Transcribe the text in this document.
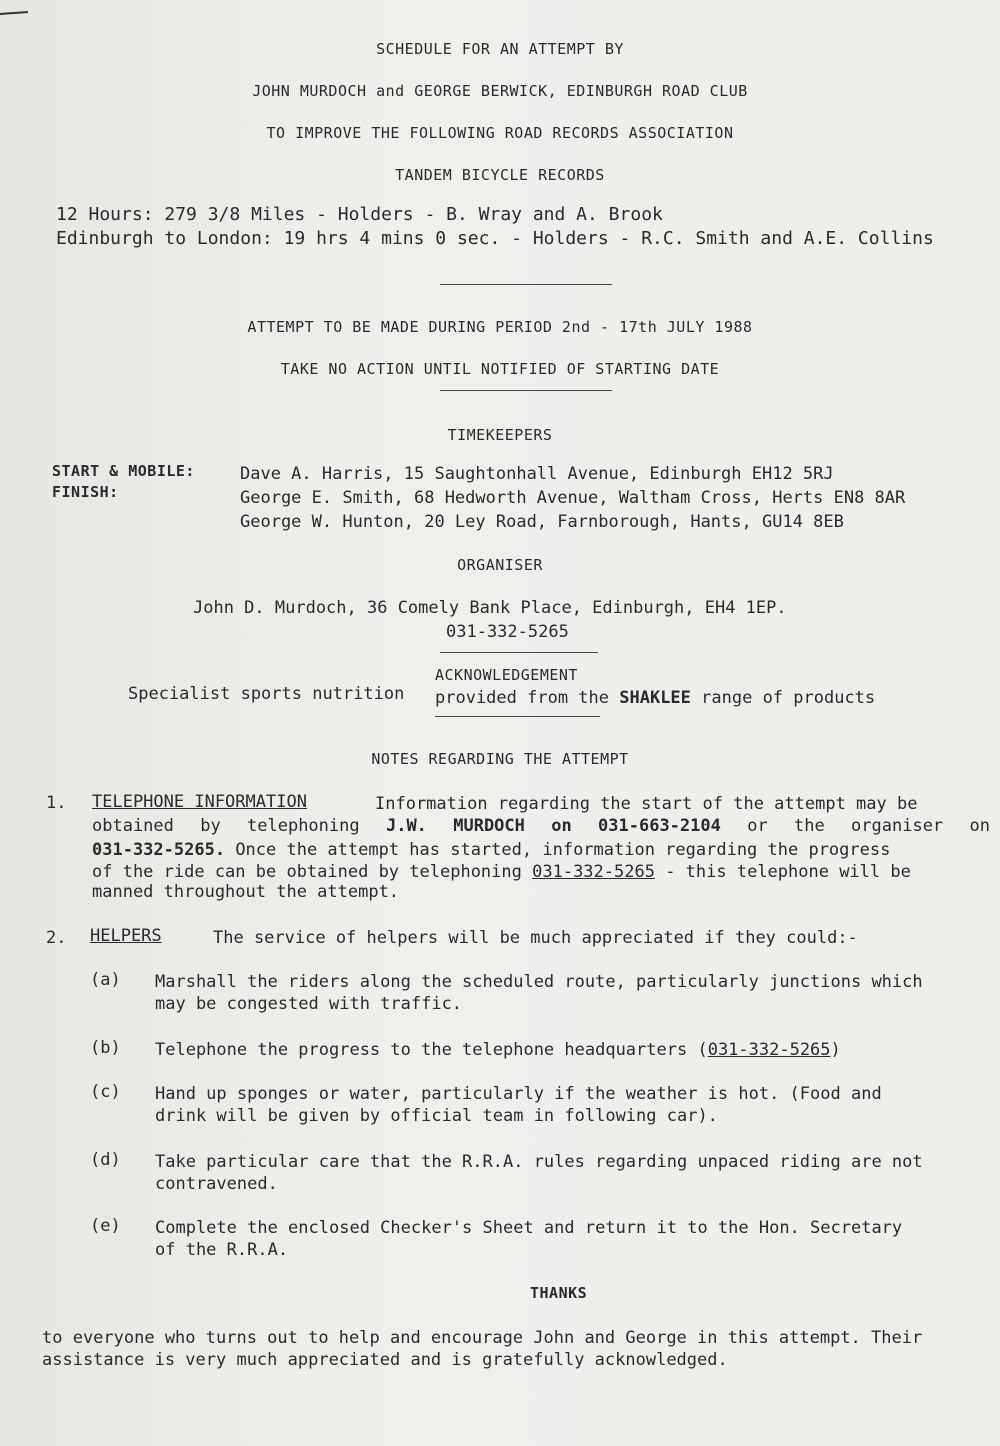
SCHEDULE FOR AN ATTEMPT BY
JOHN MURDOCH and GEORGE BERWICK, EDINBURGH ROAD CLUB
TO IMPROVE THE FOLLOWING ROAD RECORDS ASSOCIATION
TANDEM BICYCLE RECORDS
12 Hours: 279 3/8 Miles - Holders - B. Wray and A. Brook
Edinburgh to London: 19 hrs 4 mins 0 sec. - Holders - R.C. Smith and A.E. Collins
ATTEMPT TO BE MADE DURING PERIOD 2nd - 17th JULY 1988
TAKE NO ACTION UNTIL NOTIFIED OF STARTING DATE
TIMEKEEPERS
START & MOBILE:
FINISH:
Dave A. Harris, 15 Saughtonhall Avenue, Edinburgh EH12 5RJ
George E. Smith, 68 Hedworth Avenue, Waltham Cross, Herts EN8 8AR
George W. Hunton, 20 Ley Road, Farnborough, Hants, GU14 8EB
ORGANISER
John D. Murdoch, 36 Comely Bank Place, Edinburgh, EH4 1EP.
031-332-5265
ACKNOWLEDGEMENT
Specialist sports nutrition provided from the SHAKLEE range of products
NOTES REGARDING THE ATTEMPT
1. TELEPHONE INFORMATION	Information regarding the start of the attempt may be
obtained by telephoning J.W. MURDOCH on 031-663-2104 or the organiser on
031-332-5265. Once the attempt has started, information regarding the progress
of the ride can be obtained by telephoning 031-332-5265 - this telephone will be
manned throughout the attempt.
2. HELPERS	The service of helpers will be much appreciated if they could:-
(a) Marshall the riders along the scheduled route, particularly junctions which
may be congested with traffic.
(b) Telephone the progress to the telephone headquarters (031-332-5265)
(c) Hand up sponges or water, particularly if the weather is hot. (Food and
drink will be given by official team in following car).
(d) Take particular care that the R.R.A. rules regarding unpaced riding are not
contravened.
(e) Complete the enclosed Checker's Sheet and return it to the Hon. Secretary
of the R.R.A.
THANKS
to everyone who turns out to help and encourage John and George in this attempt. Their
assistance is very much appreciated and is gratefully acknowledged.
